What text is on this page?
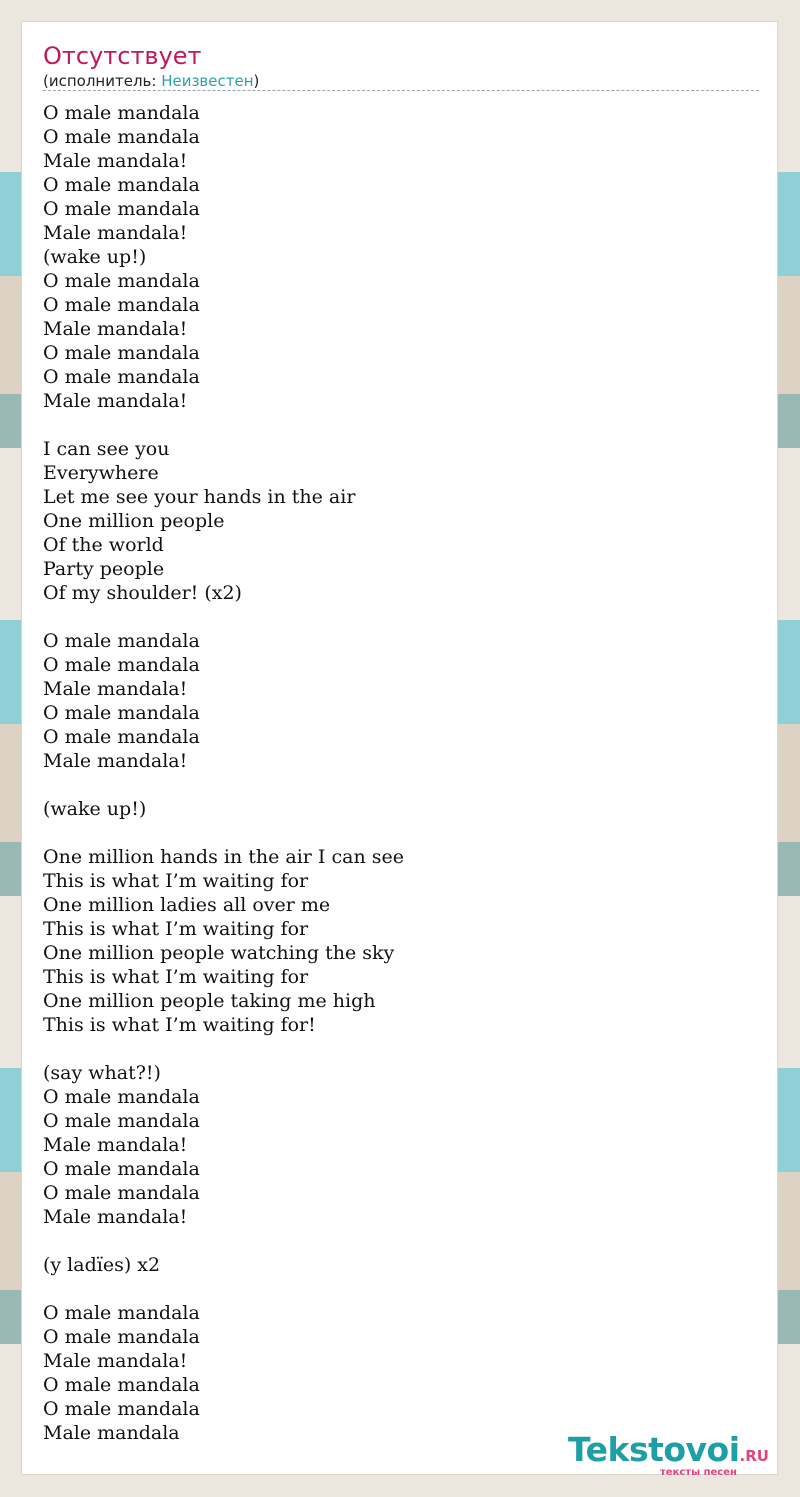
Отсутствует
(исполнитель: Неизвестен)
O male mandala
O male mandala
Male mandala!
O male mandala
O male mandala
Male mandala!
(wake up!)
O male mandala
O male mandala
Male mandala!
O male mandala
O male mandala
Male mandala!

I can see you
Everywhere
Let me see your hands in the air
One million people
Of the world
Party people
Of my shoulder! (x2)

O male mandala
O male mandala
Male mandala!
O male mandala
O male mandala
Male mandala!

(wake up!)

One million hands in the air I can see
This is what I’m waiting for
One million ladies all over me
This is what I’m waiting for
One million people watching the sky
This is what I’m waiting for
One million people taking me high
This is what I’m waiting for!

(say what?!)
O male mandala
O male mandala
Male mandala!
O male mandala
O male mandala
Male mandala!

(y ladïes) x2

O male mandala
O male mandala
Male mandala!
O male mandala
O male mandala
Male mandala	Tekstovoi.RU
тексты песен
